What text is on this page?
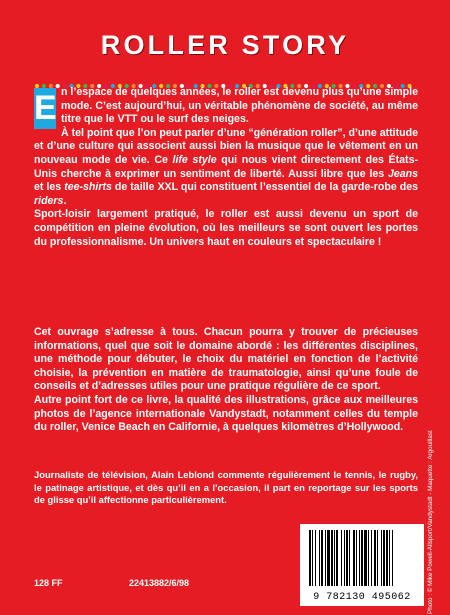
ROLLER STORY
E n l’espace de quelques années, le roller est devenu plus qu’une simple mode. C’est aujourd’hui, un véritable phénomène de société, au même titre que le VTT ou le surf des neiges.

À tel point que l’on peut parler d’une “génération roller”, d’une attitude et d’une culture qui associent aussi bien la musique que le vêtement en un nouveau mode de vie. Ce life style qui nous vient directement des États-Unis cherche à exprimer un sentiment de liberté. Aussi libre que les Jeans et les tee-shirts de taille XXL qui constituent l’essentiel de la garde-robe des riders.

Sport-loisir largement pratiqué, le roller est aussi devenu un sport de compétition en pleine évolution, où les meilleurs se sont ouvert les portes du professionnalisme. Un univers haut en couleurs et spectaculaire !

Cet ouvrage s’adresse à tous. Chacun pourra y trouver de précieuses informations, quel que soit le domaine abordé : les différentes disciplines, une méthode pour débuter, le choix du matériel en fonction de l’activité choisie, la prévention en matière de traumatologie, ainsi qu’une foule de conseils et d’adresses utiles pour une pratique régulière de ce sport.

Autre point fort de ce livre, la qualité des illustrations, grâce aux meilleures photos de l’agence internationale Vandystadt, notamment celles du temple du roller, Venice Beach en Californie, à quelques kilomètres d’Hollywood.

Journaliste de télévision, Alain Leblond commente régulièrement le tennis, le rugby, le patinage artistique, et dès qu’il en a l’occasion, il part en reportage sur les sports de glisse qu’il affectionne particulièrement.

128 FF	22413882/6/98	Photo : © Mike Powell-Allsport/Vandystadt - Maquette : Argouillast
9 782130 495062
